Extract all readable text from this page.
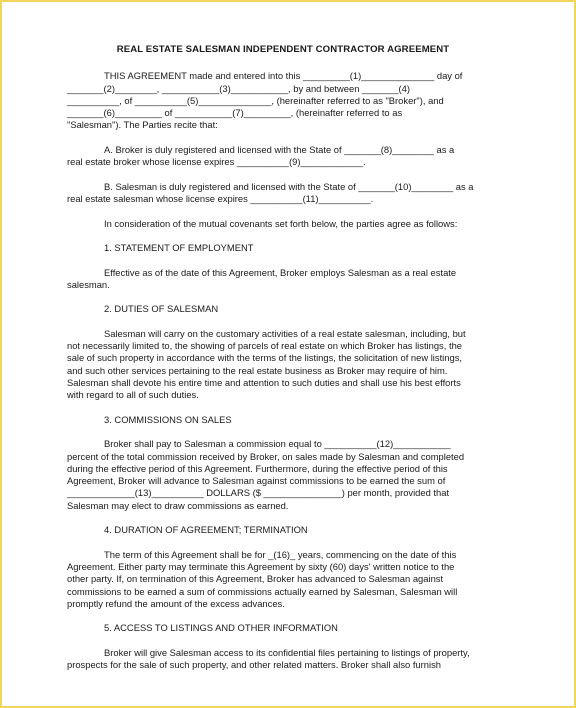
REAL ESTATE SALESMAN INDEPENDENT CONTRACTOR AGREEMENT

THIS AGREEMENT made and entered into this _________(1)______________ day of
_______(2)________, ___________(3)___________, by and between _______(4)
__________, of __________(5)______________, (hereinafter referred to as "Broker"), and
_______(6)_________ of ___________(7)_________, (hereinafter referred to as
"Salesman"). The Parties recite that:

A. Broker is duly registered and licensed with the State of _______(8)________ as a
real estate broker whose license expires __________(9)____________.

B. Salesman is duly registered and licensed with the State of _______(10)________ as a
real estate salesman whose license expires __________(11)__________.

In consideration of the mutual covenants set forth below, the parties agree as follows:

1. STATEMENT OF EMPLOYMENT

Effective as of the date of this Agreement, Broker employs Salesman as a real estate
salesman.

2. DUTIES OF SALESMAN

Salesman will carry on the customary activities of a real estate salesman, including, but
not necessarily limited to, the showing of parcels of real estate on which Broker has listings, the
sale of such property in accordance with the terms of the listings, the solicitation of new listings,
and such other services pertaining to the real estate business as Broker may require of him.
Salesman shall devote his entire time and attention to such duties and shall use his best efforts
with regard to all of such duties.

3. COMMISSIONS ON SALES

Broker shall pay to Salesman a commission equal to __________(12)___________
percent of the total commission received by Broker, on sales made by Salesman and completed
during the effective period of this Agreement. Furthermore, during the effective period of this
Agreement, Broker will advance to Salesman against commissions to be earned the sum of
_____________(13)__________ DOLLARS ($ _______________) per month, provided that
Salesman may elect to draw commissions as earned.

4. DURATION OF AGREEMENT; TERMINATION

The term of this Agreement shall be for _(16)_ years, commencing on the date of this
Agreement. Either party may terminate this Agreement by sixty (60) days' written notice to the
other party. If, on termination of this Agreement, Broker has advanced to Salesman against
commissions to be earned a sum of commissions actually earned by Salesman, Salesman will
promptly refund the amount of the excess advances.

5. ACCESS TO LISTINGS AND OTHER INFORMATION

Broker will give Salesman access to its confidential files pertaining to listings of property,
prospects for the sale of such property, and other related matters. Broker shall also furnish
